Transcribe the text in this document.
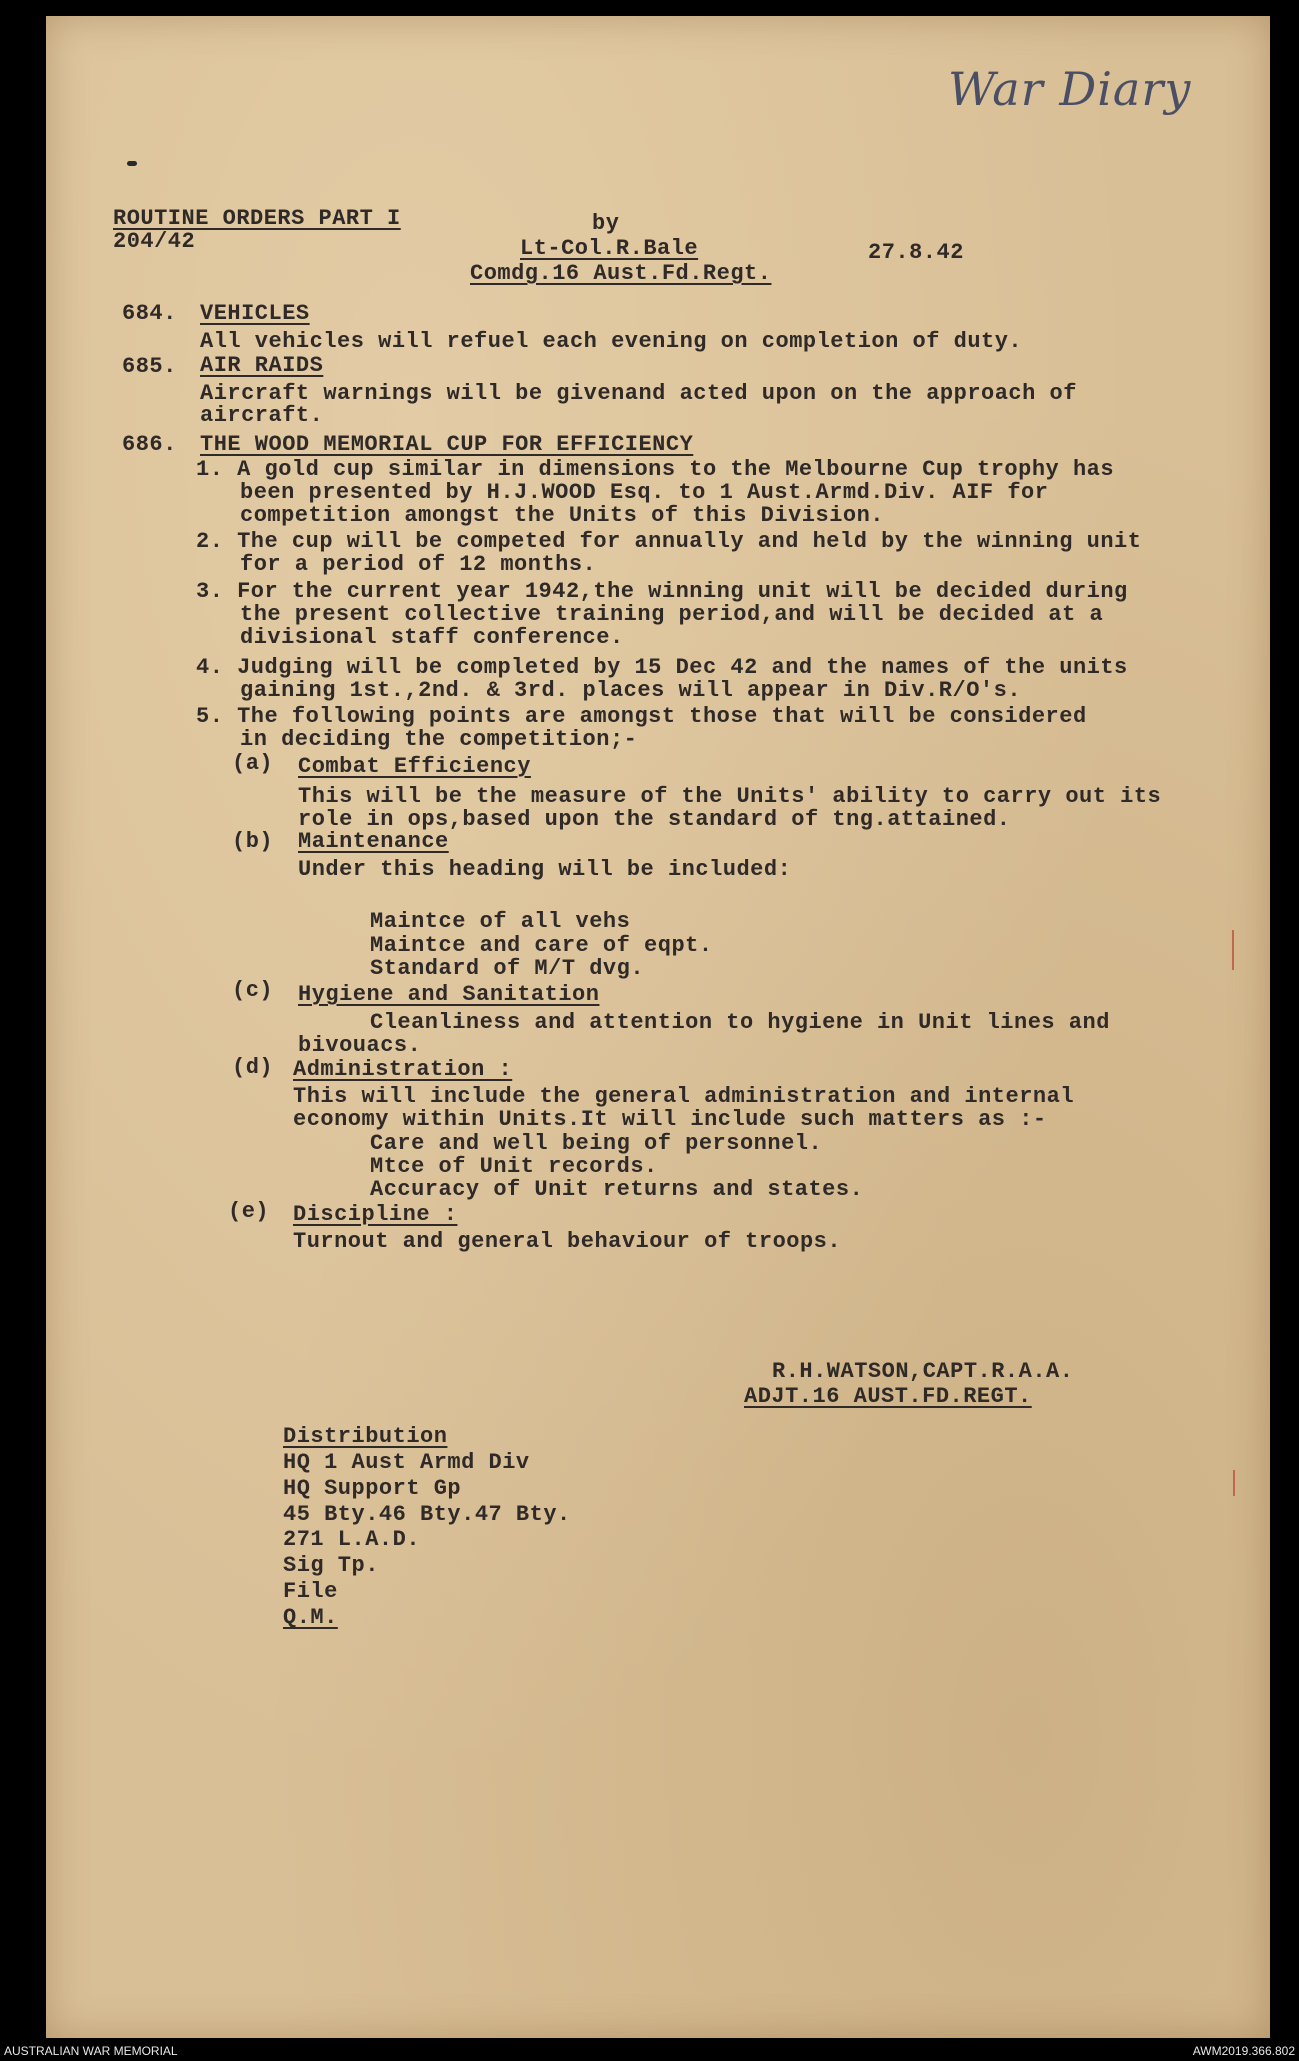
War Diary
ROUTINE ORDERS PART I
204/42
by
Lt-Col.R.Bale
Comdg.16 Aust.Fd.Regt.
27.8.42
684. VEHICLES
All vehicles will refuel each evening on completion of duty.
685. AIR RAIDS
Aircraft warnings will be givenand acted upon on the approach of
aircraft.
686. THE WOOD MEMORIAL CUP FOR EFFICIENCY
1. A gold cup similar in dimensions to the Melbourne Cup trophy has
been presented by H.J.WOOD Esq. to 1 Aust.Armd.Div. AIF for
competition amongst the Units of this Division.
2. The cup will be competed for annually and held by the winning unit
for a period of 12 months.
3. For the current year 1942,the winning unit will be decided during
the present collective training period,and will be decided at a
divisional staff conference.
4. Judging will be completed by 15 Dec 42 and the names of the units
gaining 1st.,2nd. & 3rd. places will appear in Div.R/O's.
5. The following points are amongst those that will be considered
in deciding the competition;-
(a) Combat Efficiency
This will be the measure of the Units' ability to carry out its
role in ops,based upon the standard of tng.attained.
(b) Maintenance
Under this heading will be included:
Maintce of all vehs
Maintce and care of eqpt.
Standard of M/T dvg.
(c) Hygiene and Sanitation
Cleanliness and attention to hygiene in Unit lines and
bivouacs.
(d) Administration :
This will include the general administration and internal
economy within Units.It will include such matters as :-
Care and well being of personnel.
Mtce of Unit records.
Accuracy of Unit returns and states.
(e) Discipline :
Turnout and general behaviour of troops.
R.H.WATSON,CAPT.R.A.A.
ADJT.16 AUST.FD.REGT.
Distribution
HQ 1 Aust Armd Div
HQ Support Gp
45 Bty.46 Bty.47 Bty.
271 L.A.D.
Sig Tp.
File
Q.M.
AUSTRALIAN WAR MEMORIAL	AWM2019.366.802
